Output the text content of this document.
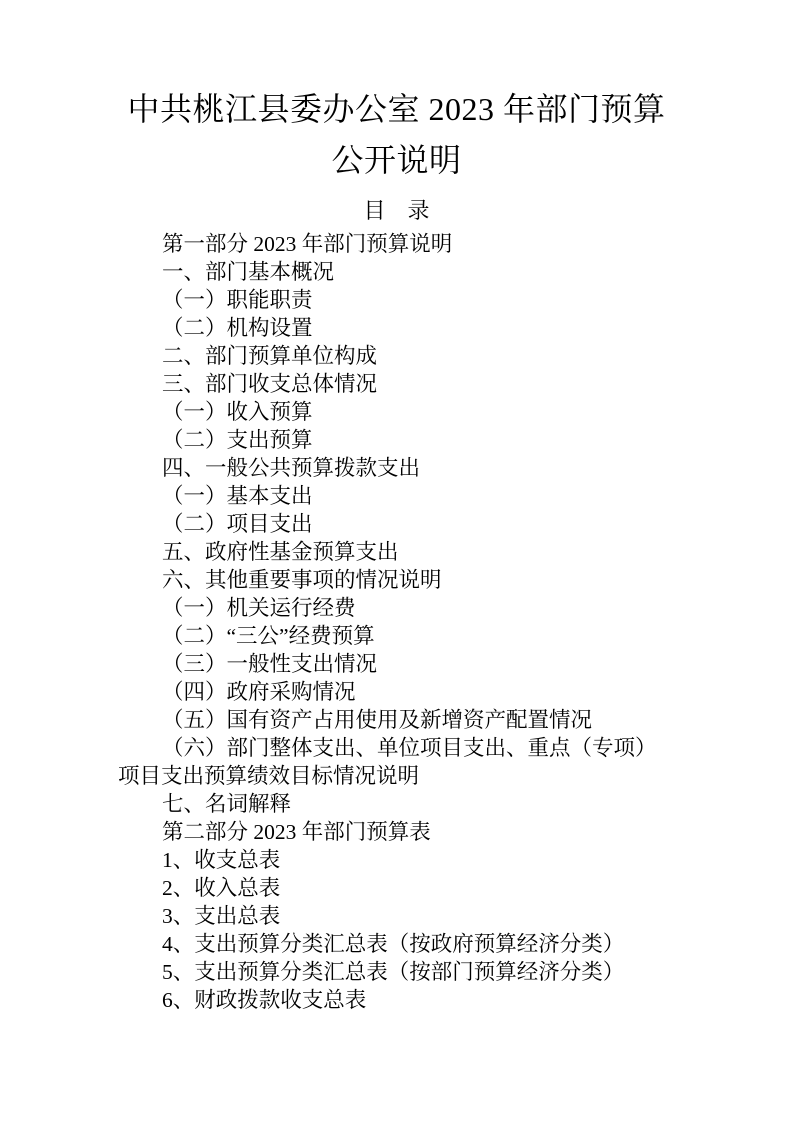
中共桃江县委办公室 2023 年部门预算
公开说明
目　录
第一部分 2023 年部门预算说明
一、部门基本概况
（一）职能职责
（二）机构设置
二、部门预算单位构成
三、部门收支总体情况
（一）收入预算
（二）支出预算
四、一般公共预算拨款支出
（一）基本支出
（二）项目支出
五、政府性基金预算支出
六、其他重要事项的情况说明
（一）机关运行经费
（二）“三公”经费预算
（三）一般性支出情况
（四）政府采购情况
（五）国有资产占用使用及新增资产配置情况
（六）部门整体支出、单位项目支出、重点（专项）
项目支出预算绩效目标情况说明
七、名词解释
第二部分 2023 年部门预算表
1、收支总表
2、收入总表
3、支出总表
4、支出预算分类汇总表（按政府预算经济分类）
5、支出预算分类汇总表（按部门预算经济分类）
6、财政拨款收支总表
